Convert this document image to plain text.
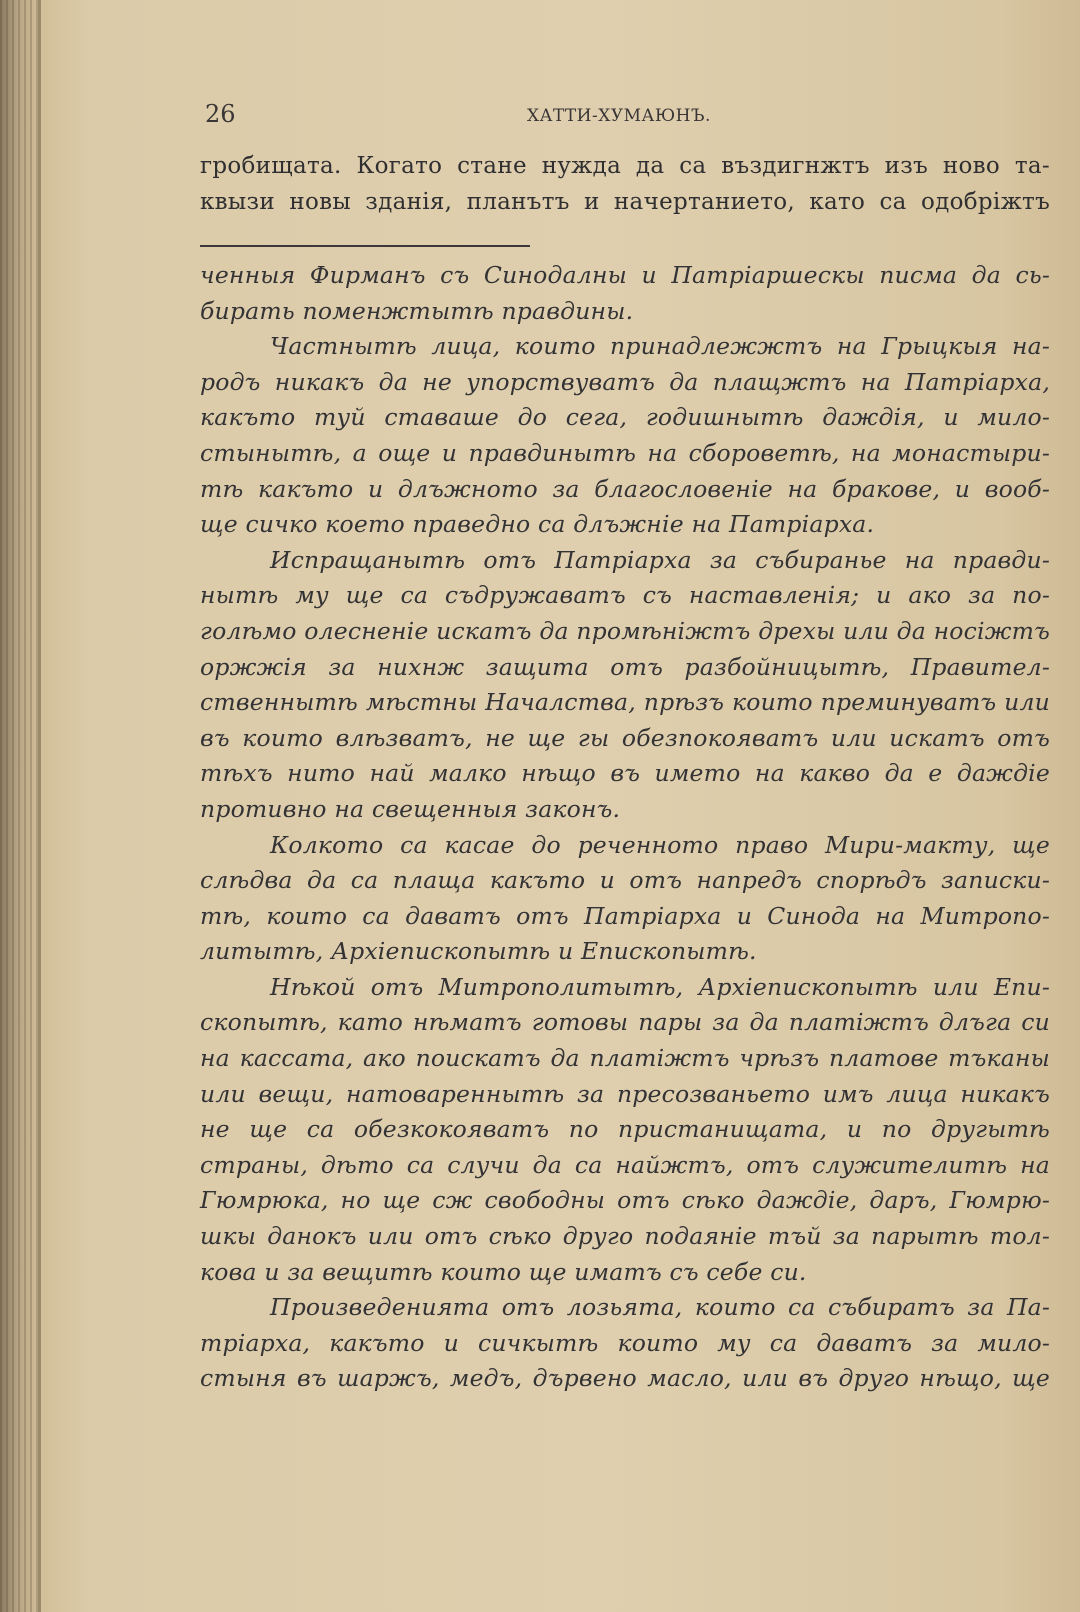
26	ХАТТИ-ХУМАЮНЪ.
гробищата. Когато стане нужда да са въздигнжтъ изъ ново та-
квызи новы зданія, планътъ и начертанието, като са одобріжтъ
ченныя Фирманъ съ Синодалны и Патріаршескы писма да сь-
бирать поменжтытѣ правдины.
Частнытѣ лица, които принадлежжтъ на Грыцкыя на-
родъ никакъ да не упорствуватъ да плащжтъ на Патріарха,
какъто туй ставаше до сега, годишнытѣ даждія, и мило-
стынытѣ, а още и правдинытѣ на сборовет​ѣ, на монастыри-
тѣ какъто и длъжното за благословеніе на бракове, и вооб-
ще сичко което праведно са длъжніе на Патріарха.
Испращанытѣ отъ Патріарха за събиранье на правди-
нытѣ му ще са съдружаватъ съ наставленія; и ако за по-
голѣмо олесненіе искатъ да промѣніжтъ дрехы или да носіжтъ
оржжія за нихнж защита отъ разбойницытѣ, Правител-
ственнытѣ мѣстны Началства, прѣзъ които преминуватъ или
въ които влѣзватъ, не ще гы обезпокояватъ или искатъ отъ
тѣхъ нито най малко нѣщо въ името на какво да е даждіе
противно на свещенныя законъ.
Колкото са касае до реченното право Мири-макту, ще
слѣдва да са плаща какъто и отъ напредъ спорѣдъ записки-
тѣ, които са даватъ отъ Патріарха и Синода на Митропо-
литытѣ, Архіепископытѣ и Епископытѣ.
Нѣкой отъ Митрополитытѣ, Архіепископытѣ или Епи-
скопытѣ, като нѣматъ готовы пары за да платіжтъ длъга си
на кассата, ако поискатъ да платіжтъ чрѣзъ платове тъканы
или вещи, натовареннытѣ за пресозваньето имъ лица никакъ
не ще са обезкокояватъ по пристанищата, и по другытѣ
страны, дѣто са случи да са найжтъ, отъ служителитѣ на
Гюмрюка, но ще сж свободны отъ сѣко даждіе, даръ, Гюмрю-
шкы данокъ или отъ сѣко друго подаяніе тъй за парытѣ тол-
кова и за вещитѣ които ще иматъ съ себе си.
Произведенията отъ лозьята, които са събиратъ за Па-
тріарха, какъто и сичкытѣ които му са даватъ за мило-
стыня въ шаржъ, медъ, дървено масло, или въ друго нѣщо, ще
